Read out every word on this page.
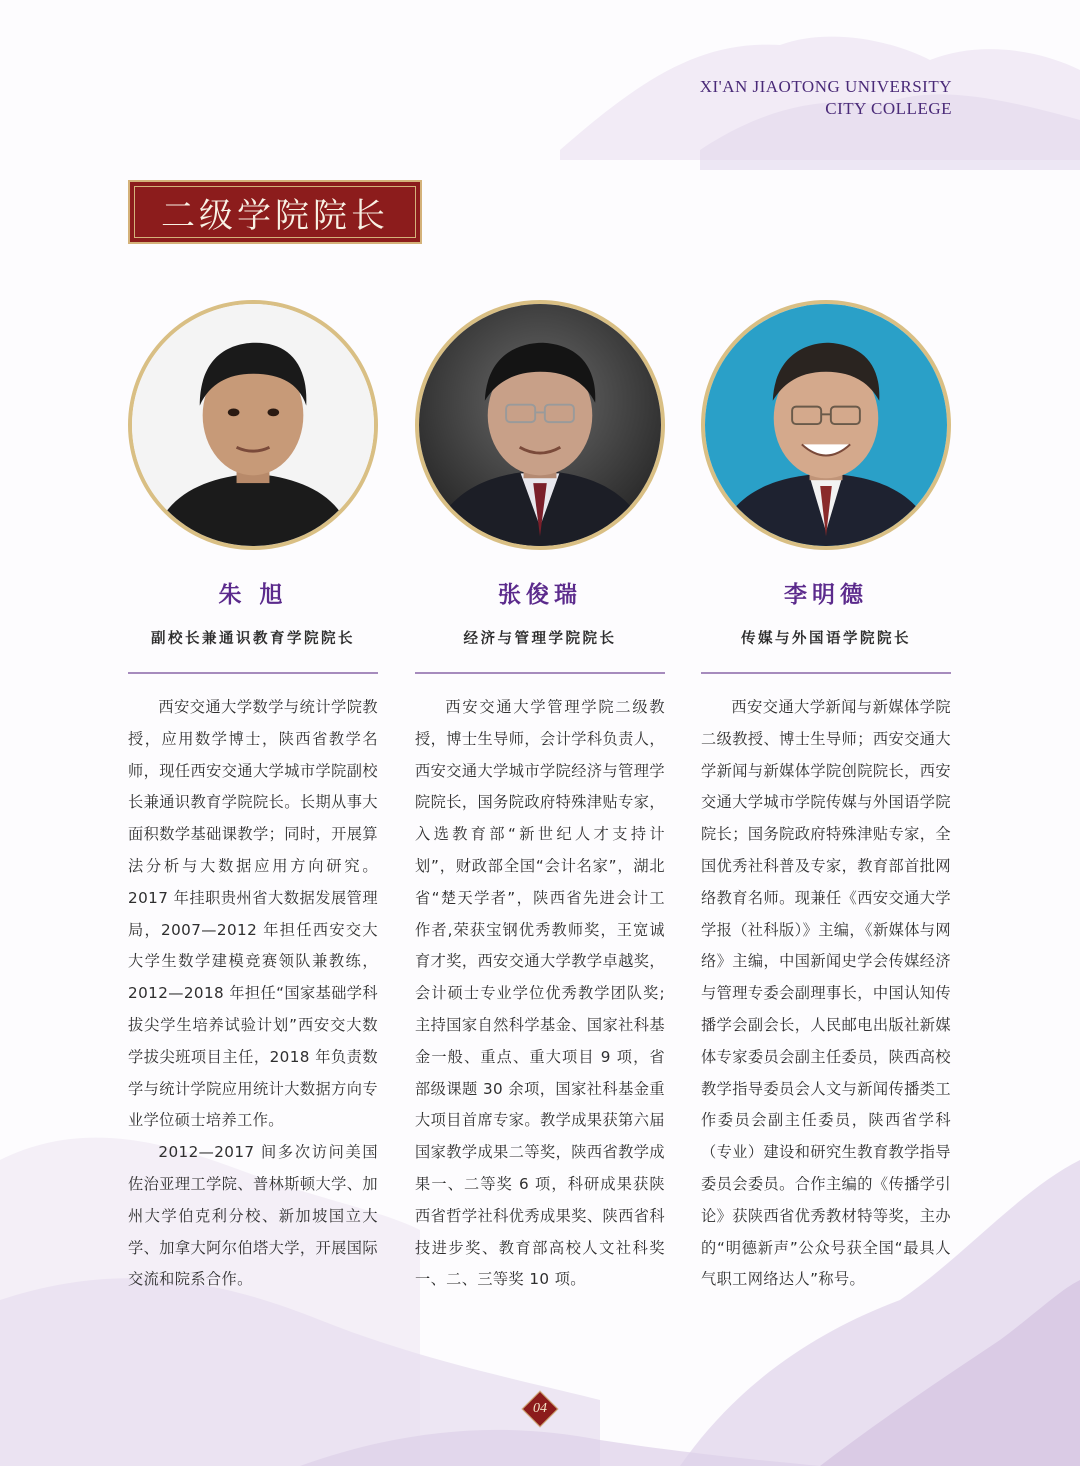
XI'AN JIAOTONG UNIVERSITY
CITY COLLEGE
二级学院院长
朱 旭
副校长兼通识教育学院院长

西安交通大学数学与统计学院教授，应用数学博士，陕西省教学名师，现任西安交通大学城市学院副校长兼通识教育学院院长。长期从事大面积数学基础课教学；同时，开展算法分析与大数据应用方向研究。2017 年挂职贵州省大数据发展管理局，2007—2012 年担任西安交大大学生数学建模竞赛领队兼教练，2012—2018 年担任“国家基础学科拔尖学生培养试验计划”西安交大数学拔尖班项目主任，2018 年负责数学与统计学院应用统计大数据方向专业学位硕士培养工作。

2012—2017 间多次访问美国佐治亚理工学院、普林斯顿大学、加州大学伯克利分校、新加坡国立大学、加拿大阿尔伯塔大学，开展国际交流和院系合作。

张俊瑞
经济与管理学院院长

西安交通大学管理学院二级教授，博士生导师，会计学科负责人，西安交通大学城市学院经济与管理学院院长，国务院政府特殊津贴专家，入选教育部“新世纪人才支持计划”，财政部全国“会计名家”，湖北省“楚天学者”，陕西省先进会计工作者,荣获宝钢优秀教师奖，王宽诚育才奖，西安交通大学教学卓越奖，会计硕士专业学位优秀教学团队奖; 主持国家自然科学基金、国家社科基金一般、重点、重大项目 9 项，省部级课题 30 余项，国家社科基金重大项目首席专家。教学成果获第六届国家教学成果二等奖，陕西省教学成果一、二等奖 6 项，科研成果获陕西省哲学社科优秀成果奖、陕西省科技进步奖、教育部高校人文社科奖一、二、三等奖 10 项。

李明德
传媒与外国语学院院长

西安交通大学新闻与新媒体学院二级教授、博士生导师；西安交通大学新闻与新媒体学院创院院长，西安交通大学城市学院传媒与外国语学院院长；国务院政府特殊津贴专家，全国优秀社科普及专家，教育部首批网络教育名师。现兼任《西安交通大学学报（社科版）》主编，《新媒体与网络》主编，中国新闻史学会传媒经济与管理专委会副理事长，中国认知传播学会副会长，人民邮电出版社新媒体专家委员会副主任委员，陕西高校教学指导委员会人文与新闻传播类工作委员会副主任委员，陕西省学科（专业）建设和研究生教育教学指导委员会委员。合作主编的《传播学引论》获陕西省优秀教材特等奖，主办的“明德新声”公众号获全国“最具人气职工网络达人”称号。

04
